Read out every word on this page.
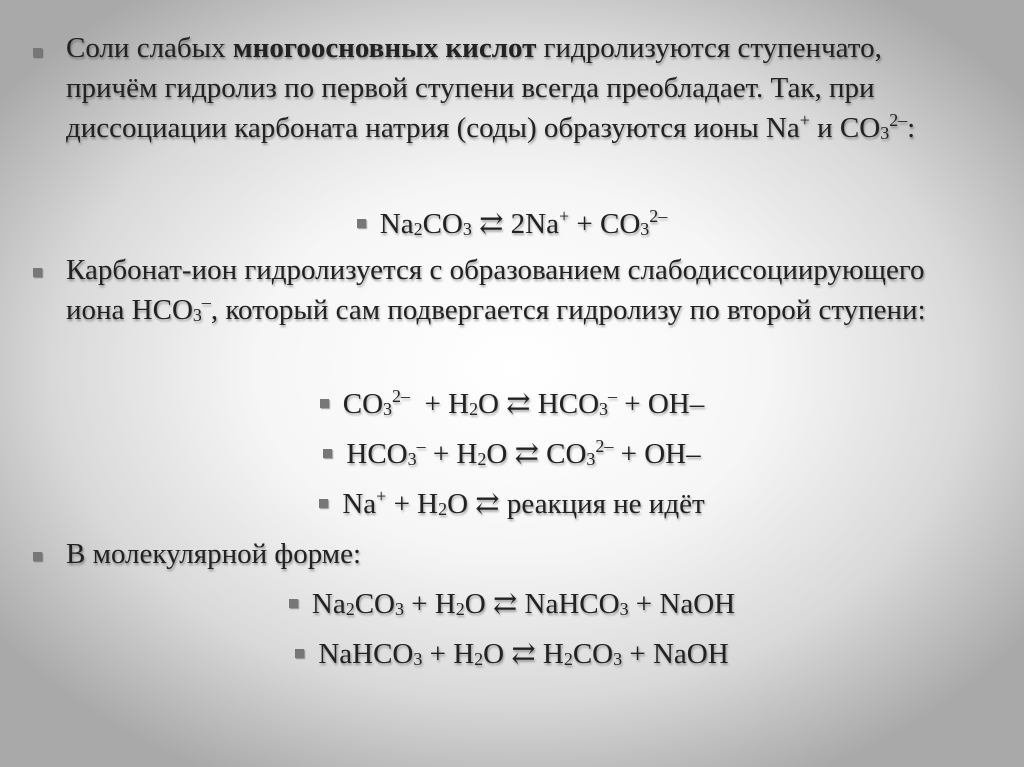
Соли слабых многоосновных кислот гидролизуются ступенчато, причём гидролиз по первой ступени всегда преобладает. Так, при диссоциации карбоната натрия (соды) образуются ионы Na+ и $CO_3^{2-}$:
$Na_2CO_3$ ⇄ $2Na^+ + CO_3^{2-}$
Карбонат-ион гидролизуется с образованием слабодиссоциирующего иона $HCO_3^-$, который сам подвергается гидролизу по второй ступени:
$CO_3^{2-} + H_2O$ ⇄ $HCO_3^- + OH-$
$HCO_3^- + H_2O$ ⇄ $CO_3^{2-} + OH-$
$Na^+ + H_2O$ ⇄ реакция не идёт
В молекулярной форме:
$Na_2CO_3 + H_2O$ ⇄ NaHCO$_3$ + NaOH
NaHCO$_3$ + $H_2O$ ⇄ $H_2CO_3$ + NaOH
